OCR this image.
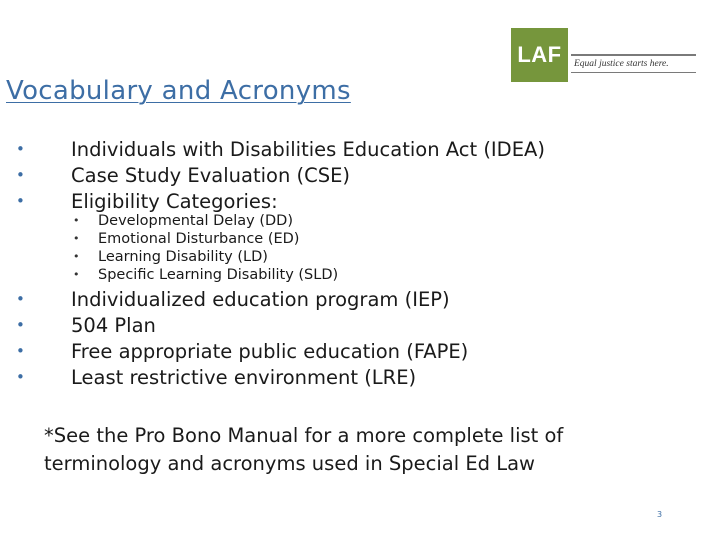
Vocabulary and Acronyms
LAF	Equal justice starts here.
• Individuals with Disabilities Education Act (IDEA)
• Case Study Evaluation (CSE)
• Eligibility Categories:
• Developmental Delay (DD)
• Emotional Disturbance (ED)
• Learning Disability (LD)
• Specific Learning Disability (SLD)
• Individualized education program (IEP)
• 504 Plan
• Free appropriate public education (FAPE)
• Least restrictive environment (LRE)

*See the Pro Bono Manual for a more complete list of terminology and acronyms used in Special Ed Law

3
